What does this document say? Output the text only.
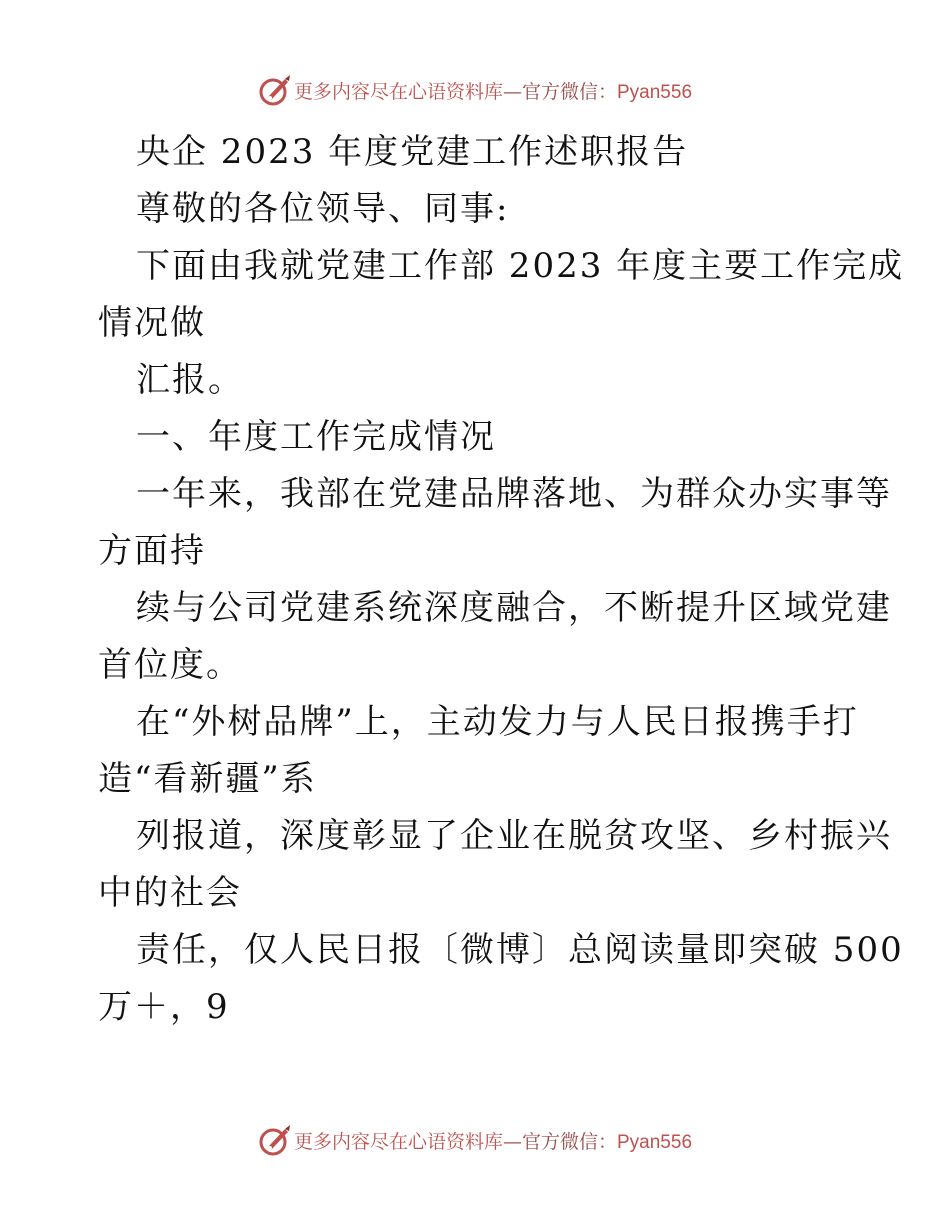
更多内容尽在心语资料库—官方微信：Pyan556
央企 2023 年度党建工作述职报告
尊敬的各位领导、同事:
下面由我就党建工作部 2023 年度主要工作完成
情况做
汇报。
一、年度工作完成情况
一年来，我部在党建品牌落地、为群众办实事等
方面持
续与公司党建系统深度融合，不断提升区域党建
首位度。
在“外树品牌”上，主动发力与人民日报携手打
造“看新疆”系
列报道，深度彰显了企业在脱贫攻坚、乡村振兴
中的社会
责任，仅人民日报〔微博〕总阅读量即突破 500
万＋，9
更多内容尽在心语资料库—官方微信：Pyan556
